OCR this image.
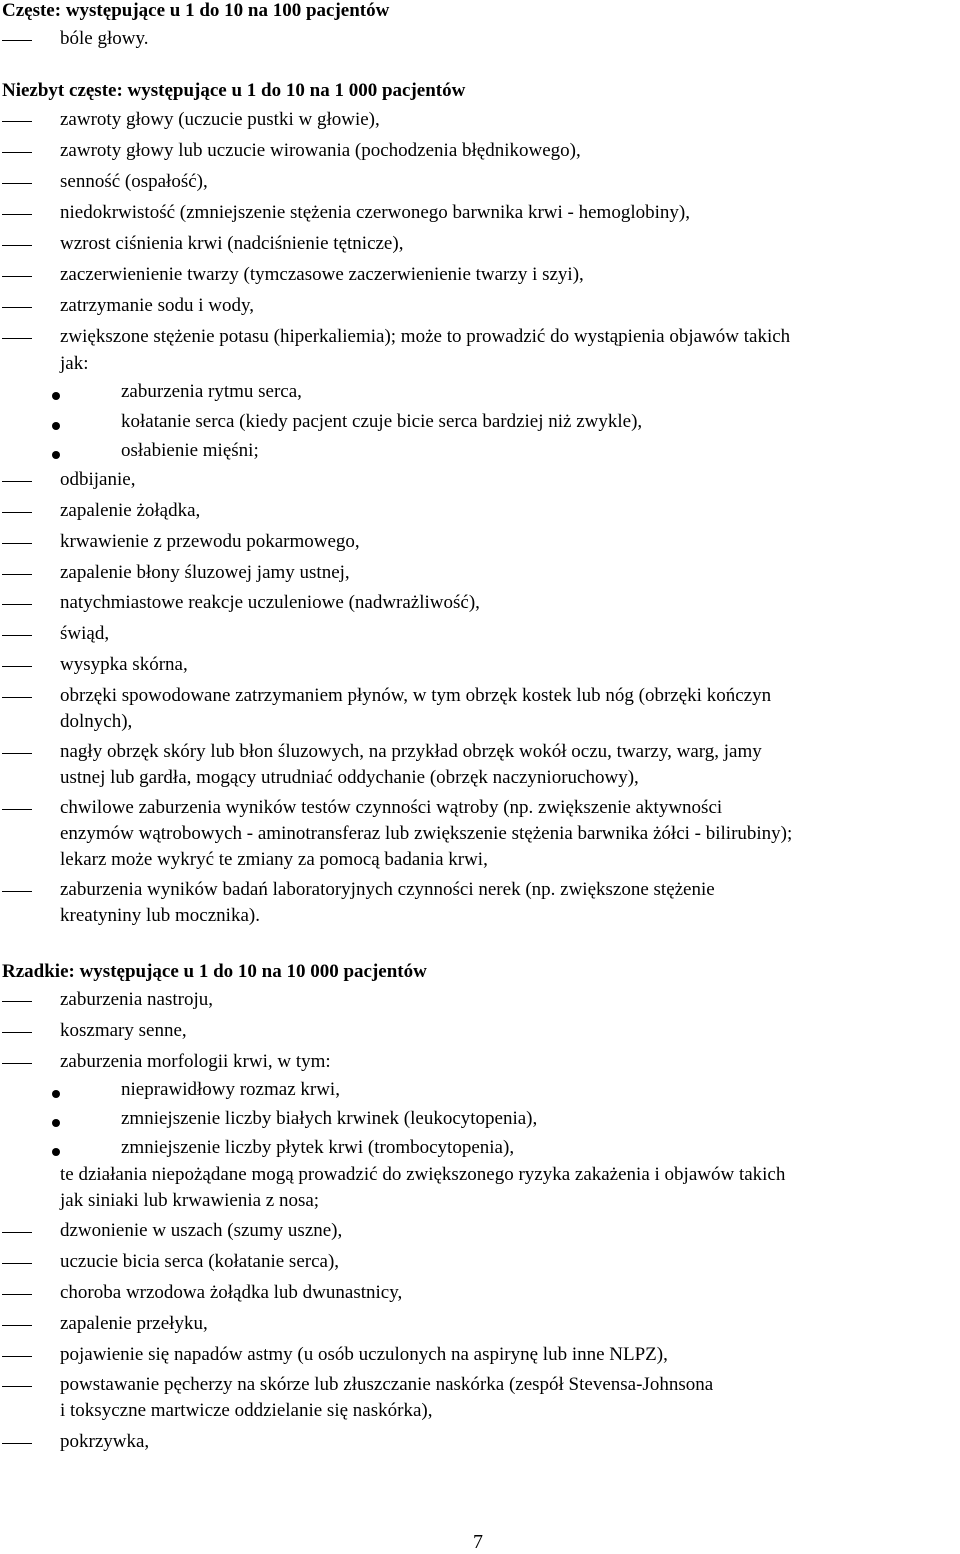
Częste: występujące u 1 do 10 na 100 pacjentów
bóle głowy.
Niezbyt częste: występujące u 1 do 10 na 1 000 pacjentów
zawroty głowy (uczucie pustki w głowie),
zawroty głowy lub uczucie wirowania (pochodzenia błędnikowego),
senność (ospałość),
niedokrwistość (zmniejszenie stężenia czerwonego barwnika krwi - hemoglobiny),
wzrost ciśnienia krwi (nadciśnienie tętnicze),
zaczerwienienie twarzy (tymczasowe zaczerwienienie twarzy i szyi),
zatrzymanie sodu i wody,
zwiększone stężenie potasu (hiperkaliemia); może to prowadzić do wystąpienia objawów takich
jak:
zaburzenia rytmu serca,
kołatanie serca (kiedy pacjent czuje bicie serca bardziej niż zwykle),
osłabienie mięśni;
odbijanie,
zapalenie żołądka,
krwawienie z przewodu pokarmowego,
zapalenie błony śluzowej jamy ustnej,
natychmiastowe reakcje uczuleniowe (nadwrażliwość),
świąd,
wysypka skórna,
obrzęki spowodowane zatrzymaniem płynów, w tym obrzęk kostek lub nóg (obrzęki kończyn
dolnych),
nagły obrzęk skóry lub błon śluzowych, na przykład obrzęk wokół oczu, twarzy, warg, jamy
ustnej lub gardła, mogący utrudniać oddychanie (obrzęk naczynioruchowy),
chwilowe zaburzenia wyników testów czynności wątroby (np. zwiększenie aktywności
enzymów wątrobowych - aminotransferaz lub zwiększenie stężenia barwnika żółci - bilirubiny);
lekarz może wykryć te zmiany za pomocą badania krwi,
zaburzenia wyników badań laboratoryjnych czynności nerek (np. zwiększone stężenie
kreatyniny lub mocznika).
Rzadkie: występujące u 1 do 10 na 10 000 pacjentów
zaburzenia nastroju,
koszmary senne,
zaburzenia morfologii krwi, w tym:
nieprawidłowy rozmaz krwi,
zmniejszenie liczby białych krwinek (leukocytopenia),
zmniejszenie liczby płytek krwi (trombocytopenia),
te działania niepożądane mogą prowadzić do zwiększonego ryzyka zakażenia i objawów takich
jak siniaki lub krwawienia z nosa;
dzwonienie w uszach (szumy uszne),
uczucie bicia serca (kołatanie serca),
choroba wrzodowa żołądka lub dwunastnicy,
zapalenie przełyku,
pojawienie się napadów astmy (u osób uczulonych na aspirynę lub inne NLPZ),
powstawanie pęcherzy na skórze lub złuszczanie naskórka (zespół Stevensa-Johnsona
i toksyczne martwicze oddzielanie się naskórka),
pokrzywka,
7
